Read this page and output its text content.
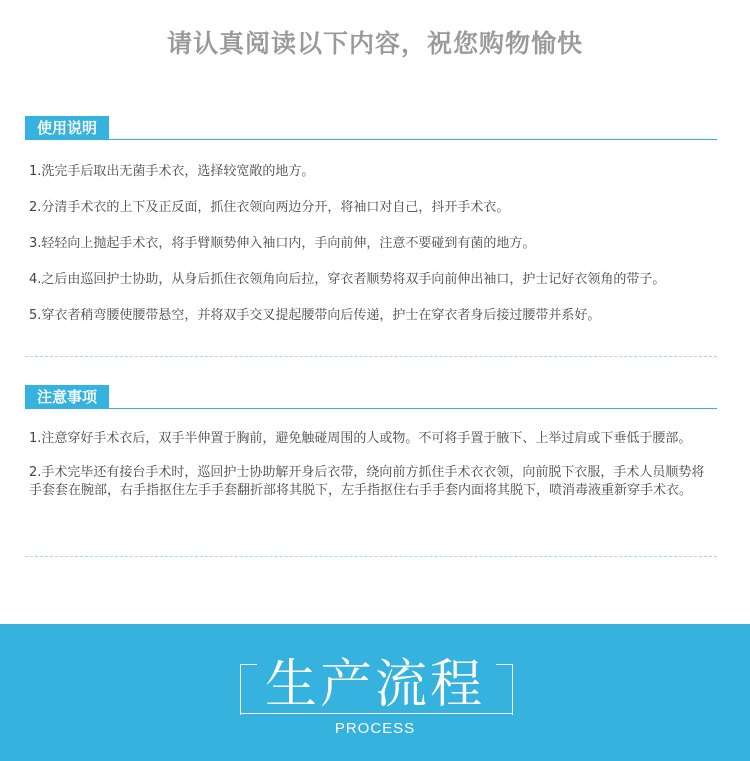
请认真阅读以下内容，祝您购物愉快
使用说明

1.洗完手后取出无菌手术衣，选择较宽敞的地方。

2.分清手术衣的上下及正反面，抓住衣领向两边分开，将袖口对自己，抖开手术衣。

3.轻轻向上抛起手术衣，将手臂顺势伸入袖口内，手向前伸，注意不要碰到有菌的地方。

4.之后由巡回护士协助，从身后抓住衣领角向后拉，穿衣者顺势将双手向前伸出袖口，护士记好衣领角的带子。

5.穿衣者稍弯腰使腰带悬空，并将双手交叉提起腰带向后传递，护士在穿衣者身后接过腰带并系好。

注意事项

1.注意穿好手术衣后，双手半伸置于胸前，避免触碰周围的人或物。不可将手置于腋下、上举过肩或下垂低于腰部。

2.手术完毕还有接台手术时，巡回护士协助解开身后衣带，绕向前方抓住手术衣衣领，向前脱下衣服，手术人员顺势将手套套在腕部，右手指抠住左手手套翻折部将其脱下，左手指抠住右手手套内面将其脱下，喷消毒液重新穿手术衣。

生产流程
PROCESS
